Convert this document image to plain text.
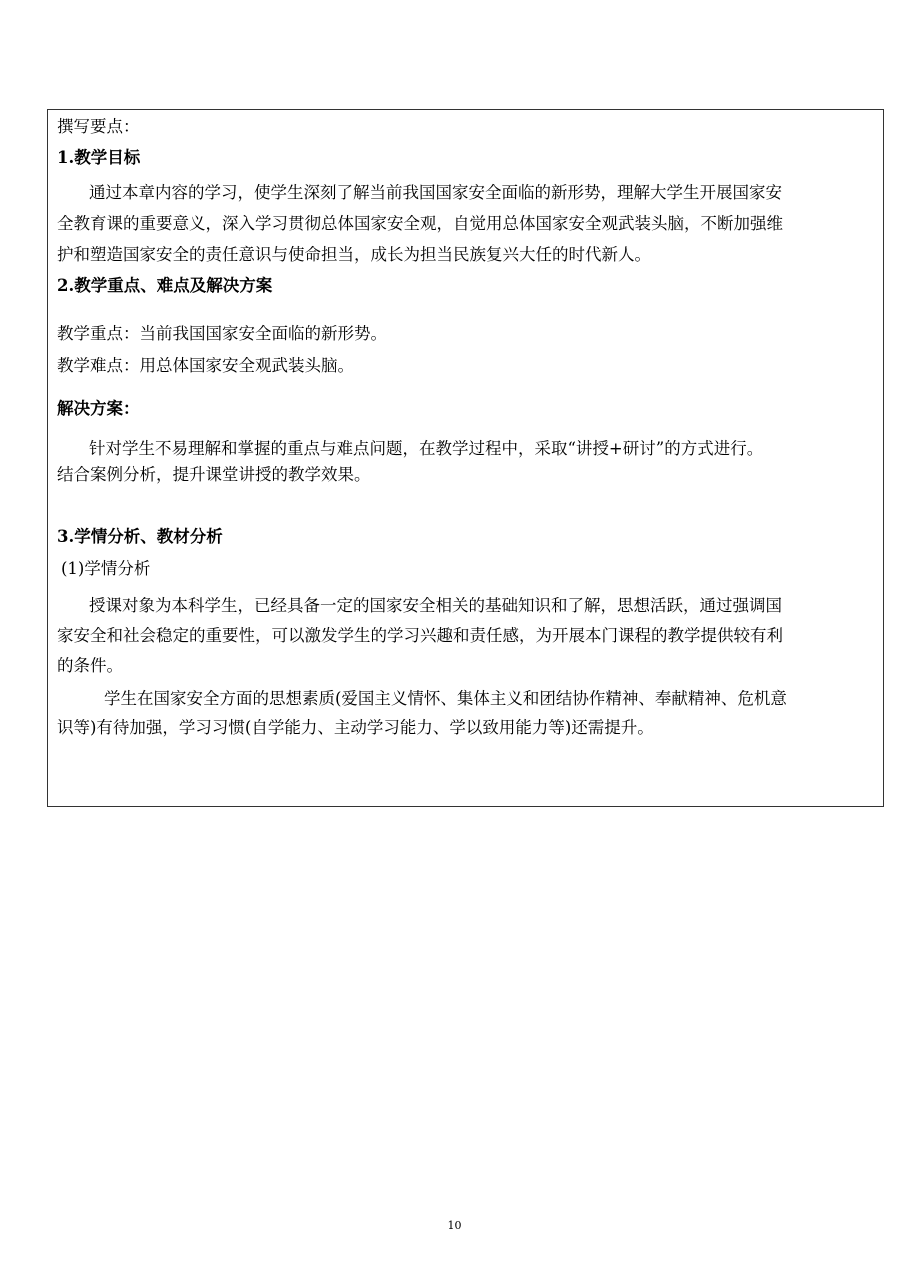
撰写要点：

1.教学目标

通过本章内容的学习，使学生深刻了解当前我国国家安全面临的新形势，理解大学生开展国家安

全教育课的重要意义，深入学习贯彻总体国家安全观，自觉用总体国家安全观武装头脑，不断加强维

护和塑造国家安全的责任意识与使命担当，成长为担当民族复兴大任的时代新人。

2.教学重点、难点及解决方案

教学重点：当前我国国家安全面临的新形势。

教学难点：用总体国家安全观武装头脑。

解决方案：

针对学生不易理解和掌握的重点与难点问题，在教学过程中，采取“讲授+研讨”的方式进行。

结合案例分析，提升课堂讲授的教学效果。

3.学情分析、教材分析

(1)学情分析

授课对象为本科学生，已经具备一定的国家安全相关的基础知识和了解，思想活跃，通过强调国

家安全和社会稳定的重要性，可以激发学生的学习兴趣和责任感，为开展本门课程的教学提供较有利

的条件。

学生在国家安全方面的思想素质(爱国主义情怀、集体主义和团结协作精神、奉献精神、危机意

识等)有待加强，学习习惯(自学能力、主动学习能力、学以致用能力等)还需提升。

10
